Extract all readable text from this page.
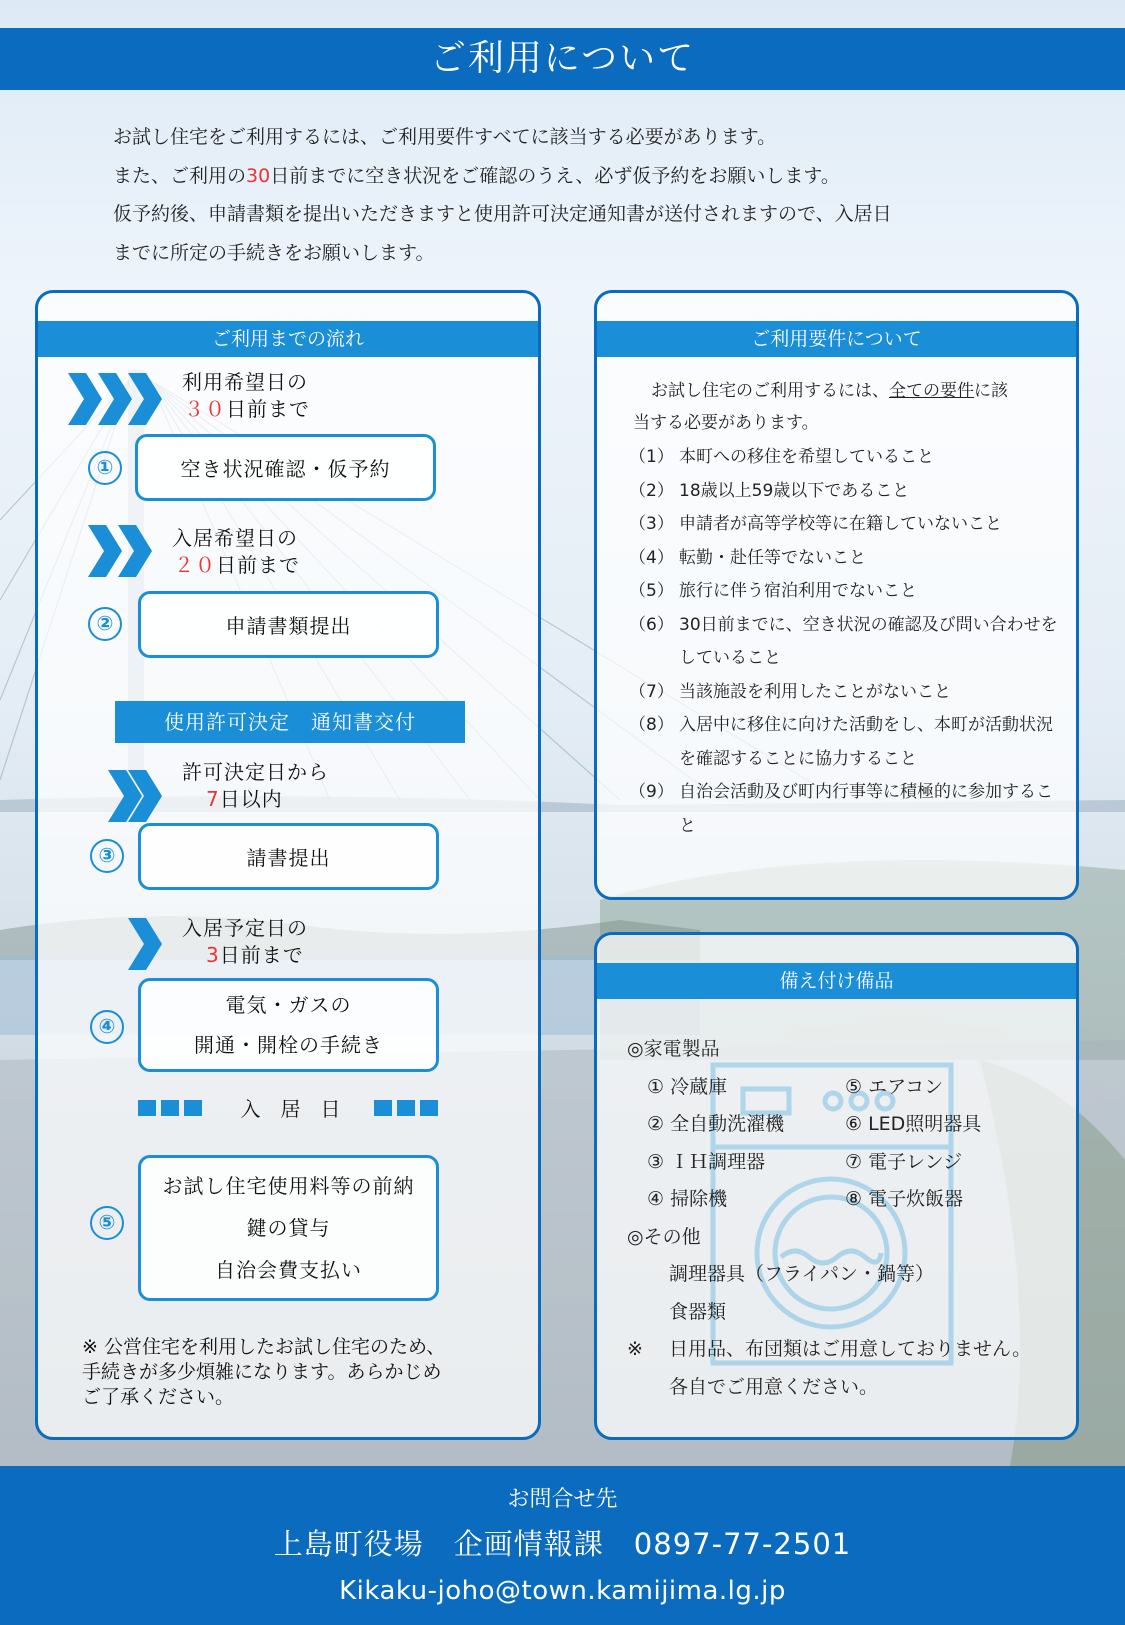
ご利用について
お試し住宅をご利用するには、ご利用要件すべてに該当する必要があります。
また、ご利用の30日前までに空き状況をご確認のうえ、必ず仮予約をお願いします。
仮予約後、申請書類を提出いただきますと使用許可決定通知書が送付されますので、入居日
までに所定の手続きをお願いします。
ご利用までの流れ
利用希望日の
３０日前まで
①	空き状況確認・仮予約
入居希望日の
２０日前まで
②	申請書類提出
使用許可決定　通知書交付
許可決定日から
7日以内
③	請書提出
入居予定日の
3日前まで
④
電気・ガスの
開通・開栓の手続き
入　居　日
⑤
お試し住宅使用料等の前納
鍵の貸与
自治会費支払い
※ 公営住宅を利用したお試し住宅のため、
手続きが多少煩雑になります。あらかじめ
ご了承ください。
ご利用要件について
お試し住宅のご利用するには、全ての要件に該
当する必要があります。
（1） 本町への移住を希望していること
（2） 18歳以上59歳以下であること
（3） 申請者が高等学校等に在籍していないこと
（4） 転勤・赴任等でないこと
（5） 旅行に伴う宿泊利用でないこと
（6） 30日前までに、空き状況の確認及び問い合わせをしていること
（7） 当該施設を利用したことがないこと
（8） 入居中に移住に向けた活動をし、本町が活動状況を確認することに協力すること
（9） 自治会活動及び町内行事等に積極的に参加すること
備え付け備品
◎家電製品
① 冷蔵庫	⑤ エアコン
② 全自動洗濯機	⑥ LED照明器具
③ ＩＨ調理器	⑦ 電子レンジ
④ 掃除機	⑧ 電子炊飯器
◎その他
調理器具（フライパン・鍋等）
食器類
※ 日用品、布団類はご用意しておりません。
各自でご用意ください。
お問合せ先
上島町役場　企画情報課　 0897-77-2501
Kikaku-joho@town.kamijima.lg.jp
